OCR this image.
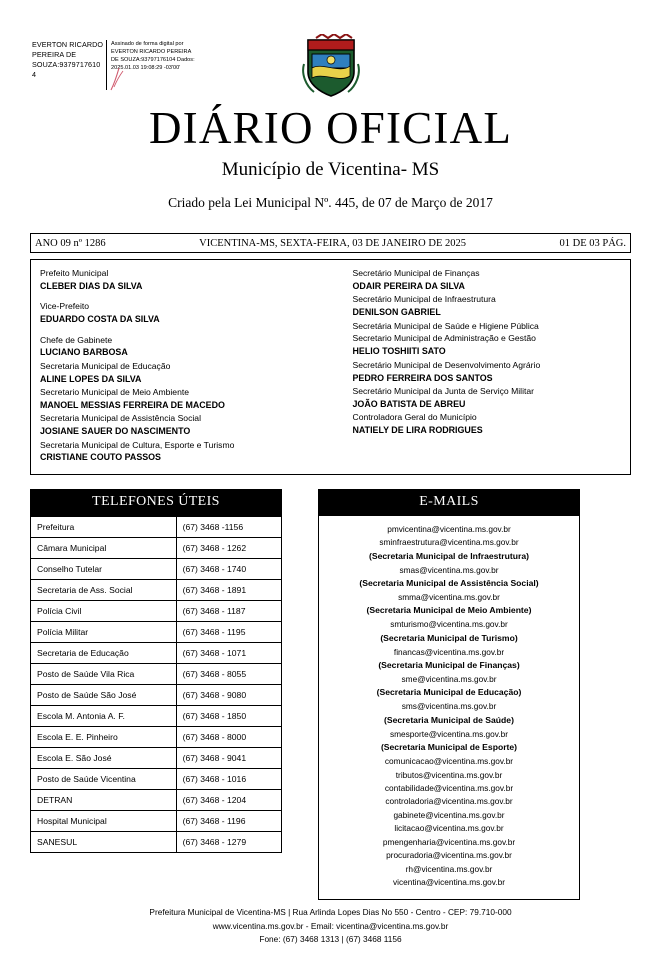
EVERTON RICARDO PEREIRA DE SOUZA:93797176104
Assinado de forma digital por EVERTON RICARDO PEREIRA DE SOUZA:93797176104 Dados: 2025.01.03 19:08:29 -03'00'
DIÁRIO OFICIAL
Município de Vicentina- MS
Criado pela Lei Municipal Nº. 445, de 07 de Março de 2017
ANO 09 nº 1286	VICENTINA-MS, SEXTA-FEIRA, 03 DE JANEIRO DE 2025	01 DE 03 PÁG.
Prefeito Municipal
CLEBER DIAS DA SILVA
Vice-Prefeito
EDUARDO COSTA DA SILVA
Chefe de Gabinete
LUCIANO BARBOSA
Secretaria Municipal de Educação
ALINE LOPES DA SILVA
Secretario Municipal de Meio Ambiente
MANOEL MESSIAS FERREIRA DE MACEDO
Secretaria Municipal de Assistência Social
JOSIANE SAUER DO NASCIMENTO
Secretaria Municipal de Cultura, Esporte e Turismo
CRISTIANE COUTO PASSOS
Secretário Municipal de Finanças
ODAIR PEREIRA DA SILVA
Secretário Municipal de Infraestrutura
DENILSON GABRIEL
Secretária Municipal de Saúde e Higiene Pública
Secretario Municipal de Administração e Gestão
HELIO TOSHIITI SATO
Secretário Municipal de Desenvolvimento Agrário
PEDRO FERREIRA DOS SANTOS
Secretário Municipal da Junta de Serviço Militar
JOÃO BATISTA DE ABREU
Controladora Geral do Município
NATIELY DE LIRA RODRIGUES
TELEFONES ÚTEIS
Prefeitura	(67) 3468 -1156
Câmara Municipal	(67) 3468 - 1262
Conselho Tutelar	(67) 3468 - 1740
Secretaria de Ass. Social	(67) 3468 - 1891
Polícia Civil	(67) 3468 - 1187
Polícia Militar	(67) 3468 - 1195
Secretaria de Educação	(67) 3468 - 1071
Posto de Saúde Vila Rica	(67) 3468 - 8055
Posto de Saúde São José	(67) 3468 - 9080
Escola M. Antonia A. F.	(67) 3468 - 1850
Escola E. E. Pinheiro	(67) 3468 - 8000
Escola E. São José	(67) 3468 - 9041
Posto de Saúde Vicentina	(67) 3468 - 1016
DETRAN	(67) 3468 - 1204
Hospital Municipal	(67) 3468 - 1196
SANESUL	(67) 3468 - 1279
E-MAILS
pmvicentina@vicentina.ms.gov.br
sminfraestrutura@vicentina.ms.gov.br
(Secretaria Municipal de Infraestrutura)
smas@vicentina.ms.gov.br
(Secretaria Municipal de Assistência Social)
smma@vicentina.ms.gov.br
(Secretaria Municipal de Meio Ambiente)
smturismo@vicentina.ms.gov.br
(Secretaria Municipal de Turismo)
financas@vicentina.ms.gov.br
(Secretaria Municipal de Finanças)
sme@vicentina.ms.gov.br
(Secretaria Municipal de Educação)
sms@vicentina.ms.gov.br
(Secretaria Municipal de Saúde)
smesporte@vicentina.ms.gov.br
(Secretaria Municipal de Esporte)
comunicacao@vicentina.ms.gov.br
tributos@vicentina.ms.gov.br
contabilidade@vicentina.ms.gov.br
controladoria@vicentina.ms.gov.br
gabinete@vicentina.ms.gov.br
licitacao@vicentina.ms.gov.br
pmengenharia@vicentina.ms.gov.br
procuradoria@vicentina.ms.gov.br
rh@vicentina.ms.gov.br
vicentina@vicentina.ms.gov.br
Prefeitura Municipal de Vicentina-MS | Rua Arlinda Lopes Dias No 550 - Centro - CEP: 79.710-000
www.vicentina.ms.gov.br - Email: vicentina@vicentina.ms.gov.br
Fone: (67) 3468 1313 | (67) 3468 1156
